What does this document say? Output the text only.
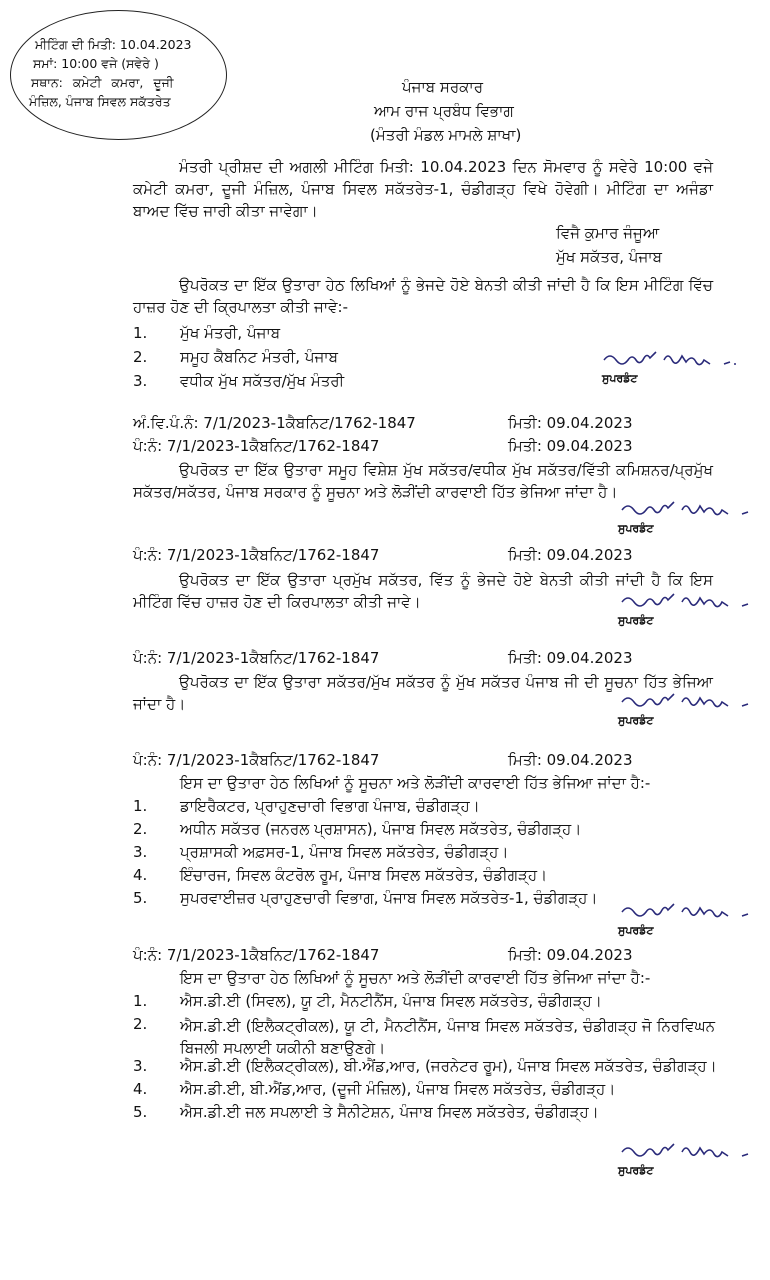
ਮੀਟਿੰਗ ਦੀ ਮਿਤੀ: 10.04.2023
ਸਮਾਂ: 10:00 ਵਜੇ (ਸਵੇਰੇ )
ਸਥਾਨ: ਕਮੇਟੀ ਕਮਰਾ, ਦੂਜੀ
ਮੰਜ਼ਿਲ, ਪੰਜਾਬ ਸਿਵਲ ਸਕੱਤਰੇਤ
ਪੰਜਾਬ ਸਰਕਾਰ
ਆਮ ਰਾਜ ਪ੍ਰਬੰਧ ਵਿਭਾਗ
(ਮੰਤਰੀ ਮੰਡਲ ਮਾਮਲੇ ਸ਼ਾਖਾ)
ਮੰਤਰੀ ਪ੍ਰੀਸ਼ਦ ਦੀ ਅਗਲੀ ਮੀਟਿੰਗ ਮਿਤੀ: 10.04.2023 ਦਿਨ ਸੋਮਵਾਰ ਨੂੰ ਸਵੇਰੇ 10:00 ਵਜੇ ਕਮੇਟੀ ਕਮਰਾ, ਦੂਜੀ ਮੰਜ਼ਿਲ, ਪੰਜਾਬ ਸਿਵਲ ਸਕੱਤਰੇਤ-1, ਚੰਡੀਗੜ੍ਹ ਵਿਖੇ ਹੋਵੇਗੀ। ਮੀਟਿੰਗ ਦਾ ਅਜੰਡਾ ਬਾਅਦ ਵਿੱਚ ਜਾਰੀ ਕੀਤਾ ਜਾਵੇਗਾ।
ਵਿਜੈ ਕੁਮਾਰ ਜੰਜੂਆ
ਮੁੱਖ ਸਕੱਤਰ, ਪੰਜਾਬ
ਉਪਰੋਕਤ ਦਾ ਇੱਕ ਉਤਾਰਾ ਹੇਠ ਲਿਖਿਆਂ ਨੂੰ ਭੇਜਦੇ ਹੋਏ ਬੇਨਤੀ ਕੀਤੀ ਜਾਂਦੀ ਹੈ ਕਿ ਇਸ ਮੀਟਿੰਗ ਵਿੱਚ ਹਾਜ਼ਰ ਹੋਣ ਦੀ ਕ੍ਰਿਪਾਲਤਾ ਕੀਤੀ ਜਾਵੇ:-
1. ਮੁੱਖ ਮੰਤਰੀ, ਪੰਜਾਬ
2. ਸਮੂਹ ਕੈਬਨਿਟ ਮੰਤਰੀ, ਪੰਜਾਬ
3. ਵਧੀਕ ਮੁੱਖ ਸਕੱਤਰ/ਮੁੱਖ ਮੰਤਰੀ	ਸੁਪਰਡੰਟ
ਅੰ.ਵਿ.ਪੰ.ਨੰ: 7/1/2023-1ਕੈਬਨਿਟ/1762-1847	ਮਿਤੀ: 09.04.2023
ਪੰ:ਨੰ: 7/1/2023-1ਕੈਬਨਿਟ/1762-1847	ਮਿਤੀ: 09.04.2023
ਉਪਰੋਕਤ ਦਾ ਇੱਕ ਉਤਾਰਾ ਸਮੂਹ ਵਿਸ਼ੇਸ਼ ਮੁੱਖ ਸਕੱਤਰ/ਵਧੀਕ ਮੁੱਖ ਸਕੱਤਰ/ਵਿੱਤੀ ਕਮਿਸ਼ਨਰ/ਪ੍ਰਮੁੱਖ ਸਕੱਤਰ/ਸਕੱਤਰ, ਪੰਜਾਬ ਸਰਕਾਰ ਨੂੰ ਸੂਚਨਾ ਅਤੇ ਲੋੜੀਂਦੀ ਕਾਰਵਾਈ ਹਿੱਤ ਭੇਜਿਆ ਜਾਂਦਾ ਹੈ।
ਸੁਪਰਡੰਟ
ਪੰ:ਨੰ: 7/1/2023-1ਕੈਬਨਿਟ/1762-1847	ਮਿਤੀ: 09.04.2023
ਉਪਰੋਕਤ ਦਾ ਇੱਕ ਉਤਾਰਾ ਪ੍ਰਮੁੱਖ ਸਕੱਤਰ, ਵਿੱਤ ਨੂੰ ਭੇਜਦੇ ਹੋਏ ਬੇਨਤੀ ਕੀਤੀ ਜਾਂਦੀ ਹੈ ਕਿ ਇਸ ਮੀਟਿੰਗ ਵਿੱਚ ਹਾਜ਼ਰ ਹੋਣ ਦੀ ਕਿਰਪਾਲਤਾ ਕੀਤੀ ਜਾਵੇ।
ਸੁਪਰਡੰਟ
ਪੰ:ਨੰ: 7/1/2023-1ਕੈਬਨਿਟ/1762-1847	ਮਿਤੀ: 09.04.2023
ਉਪਰੋਕਤ ਦਾ ਇੱਕ ਉਤਾਰਾ ਸਕੱਤਰ/ਮੁੱਖ ਸਕੱਤਰ ਨੂੰ ਮੁੱਖ ਸਕੱਤਰ ਪੰਜਾਬ ਜੀ ਦੀ ਸੂਚਨਾ ਹਿੱਤ ਭੇਜਿਆ ਜਾਂਦਾ ਹੈ।
ਸੁਪਰਡੰਟ
ਪੰ:ਨੰ: 7/1/2023-1ਕੈਬਨਿਟ/1762-1847	ਮਿਤੀ: 09.04.2023
ਇਸ ਦਾ ਉਤਾਰਾ ਹੇਠ ਲਿਖਿਆਂ ਨੂੰ ਸੂਚਨਾ ਅਤੇ ਲੋੜੀਂਦੀ ਕਾਰਵਾਈ ਹਿੱਤ ਭੇਜਿਆ ਜਾਂਦਾ ਹੈ:-
1. ਡਾਇਰੈਕਟਰ, ਪ੍ਰਾਹੁਣਚਾਰੀ ਵਿਭਾਗ ਪੰਜਾਬ, ਚੰਡੀਗੜ੍ਹ।
2. ਅਧੀਨ ਸਕੱਤਰ (ਜਨਰਲ ਪ੍ਰਸ਼ਾਸਨ), ਪੰਜਾਬ ਸਿਵਲ ਸਕੱਤਰੇਤ, ਚੰਡੀਗੜ੍ਹ।
3. ਪ੍ਰਸ਼ਾਸਕੀ ਅਫ਼ਸਰ-1, ਪੰਜਾਬ ਸਿਵਲ ਸਕੱਤਰੇਤ, ਚੰਡੀਗੜ੍ਹ।
4. ਇੰਚਾਰਜ, ਸਿਵਲ ਕੰਟਰੋਲ ਰੂਮ, ਪੰਜਾਬ ਸਿਵਲ ਸਕੱਤਰੇਤ, ਚੰਡੀਗੜ੍ਹ।
5. ਸੁਪਰਵਾਈਜ਼ਰ ਪ੍ਰਾਹੁਣਚਾਰੀ ਵਿਭਾਗ, ਪੰਜਾਬ ਸਿਵਲ ਸਕੱਤਰੇਤ-1, ਚੰਡੀਗੜ੍ਹ।
ਸੁਪਰਡੰਟ
ਪੰ:ਨੰ: 7/1/2023-1ਕੈਬਨਿਟ/1762-1847	ਮਿਤੀ: 09.04.2023
ਇਸ ਦਾ ਉਤਾਰਾ ਹੇਠ ਲਿਖਿਆਂ ਨੂੰ ਸੂਚਨਾ ਅਤੇ ਲੋੜੀਂਦੀ ਕਾਰਵਾਈ ਹਿੱਤ ਭੇਜਿਆ ਜਾਂਦਾ ਹੈ:-
1. ਐਸ.ਡੀ.ਈ (ਸਿਵਲ), ਯੂ ਟੀ, ਮੈਨਟੀਨੈਂਸ, ਪੰਜਾਬ ਸਿਵਲ ਸਕੱਤਰੇਤ, ਚੰਡੀਗੜ੍ਹ।
2. ਐਸ.ਡੀ.ਈ (ਇਲੈਕਟ੍ਰੀਕਲ), ਯੂ ਟੀ, ਮੈਨਟੀਨੈਂਸ, ਪੰਜਾਬ ਸਿਵਲ ਸਕੱਤਰੇਤ, ਚੰਡੀਗੜ੍ਹ ਜੋ ਨਿਰਵਿਘਨ ਬਿਜਲੀ ਸਪਲਾਈ ਯਕੀਨੀ ਬਣਾਉਣਗੇ।
3. ਐਸ.ਡੀ.ਈ (ਇਲੈਕਟ੍ਰੀਕਲ), ਬੀ.ਐਂਡ,ਆਰ, (ਜਰਨੇਟਰ ਰੂਮ), ਪੰਜਾਬ ਸਿਵਲ ਸਕੱਤਰੇਤ, ਚੰਡੀਗੜ੍ਹ।
4. ਐਸ.ਡੀ.ਈ, ਬੀ.ਐਂਡ,ਆਰ, (ਦੂਜੀ ਮੰਜ਼ਿਲ), ਪੰਜਾਬ ਸਿਵਲ ਸਕੱਤਰੇਤ, ਚੰਡੀਗੜ੍ਹ।
5. ਐਸ.ਡੀ.ਈ ਜਲ ਸਪਲਾਈ ਤੇ ਸੈਨੀਟੇਸ਼ਨ, ਪੰਜਾਬ ਸਿਵਲ ਸਕੱਤਰੇਤ, ਚੰਡੀਗੜ੍ਹ।
ਸੁਪਰਡੰਟ
